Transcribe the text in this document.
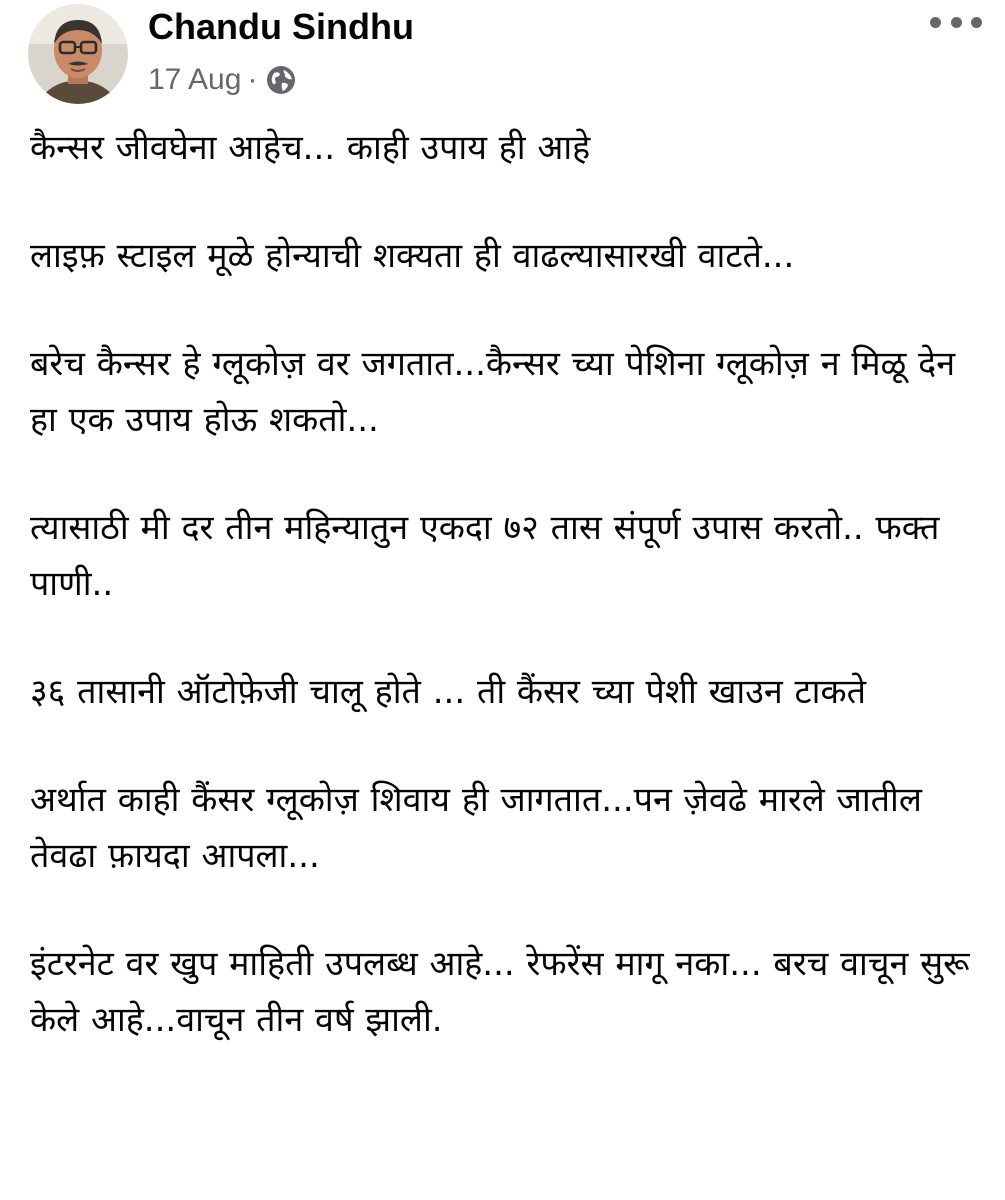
Chandu Sindhu
17 Aug ·

कैन्सर जीवघेना आहेच... काही उपाय ही आहे

लाइफ़ स्टाइल मूळे होन्याची शक्यता ही वाढल्यासारखी वाटते...

बरेच कैन्सर हे ग्लूकोज़ वर जगतात...कैन्सर च्या पेशिना ग्लूकोज़ न मिळू देन हा एक उपाय होऊ शकतो...

त्यासाठी मी दर तीन महिन्यातुन एकदा ७२ तास संपूर्ण उपास करतो.. फक्त पाणी..

३६ तासानी ऑटोफ़ेजी चालू होते ... ती कैंसर च्या पेशी खाउन टाकते

अर्थात काही कैंसर ग्लूकोज़ शिवाय ही जागतात...पन ज़ेवढे मारले जातील तेवढा फ़ायदा आपला...

इंटरनेट वर खुप माहिती उपलब्ध आहे... रेफरेंस मागू नका... बरच वाचून सुरू केले आहे...वाचून तीन वर्ष झाली.
